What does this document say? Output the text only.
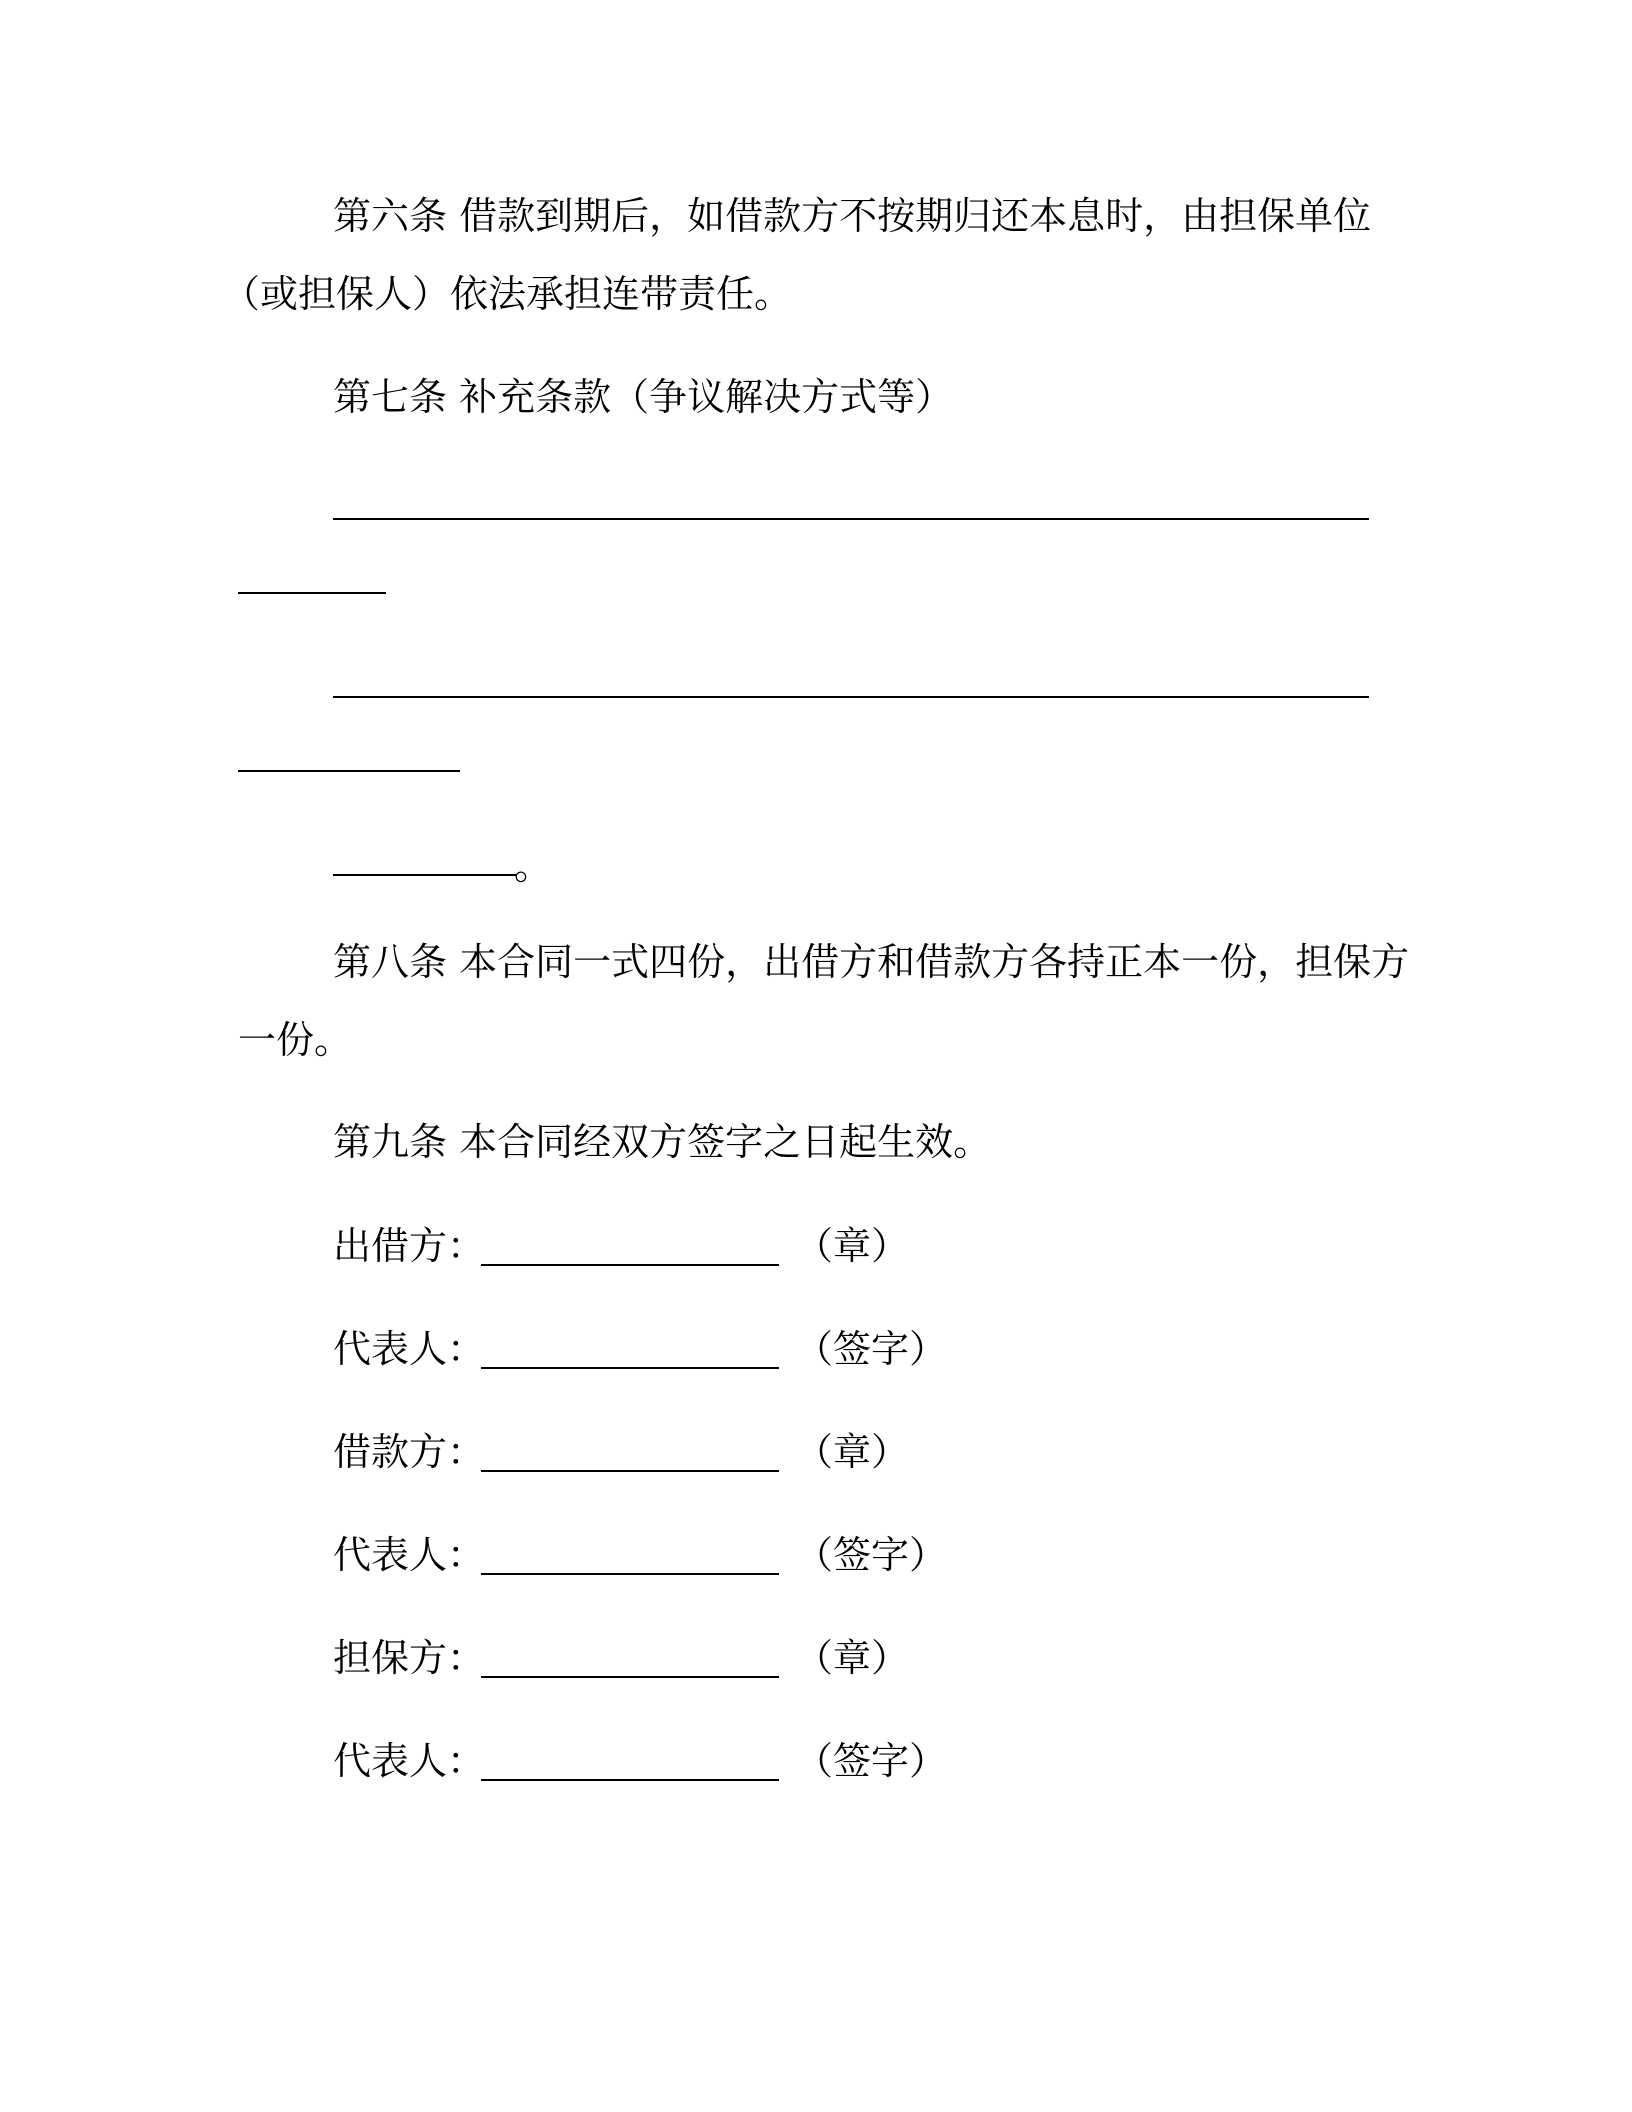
第六条 借款到期后，如借款方不按期归还本息时，由担保单位
（或担保人）依法承担连带责任。
第七条 补充条款（争议解决方式等）
。
第八条 本合同一式四份，出借方和借款方各持正本一份，担保方
一份。
第九条 本合同经双方签字之日起生效。
出借方：	（章）
代表人：	（签字）
借款方：	（章）
代表人：	（签字）
担保方：	（章）
代表人：	（签字）
